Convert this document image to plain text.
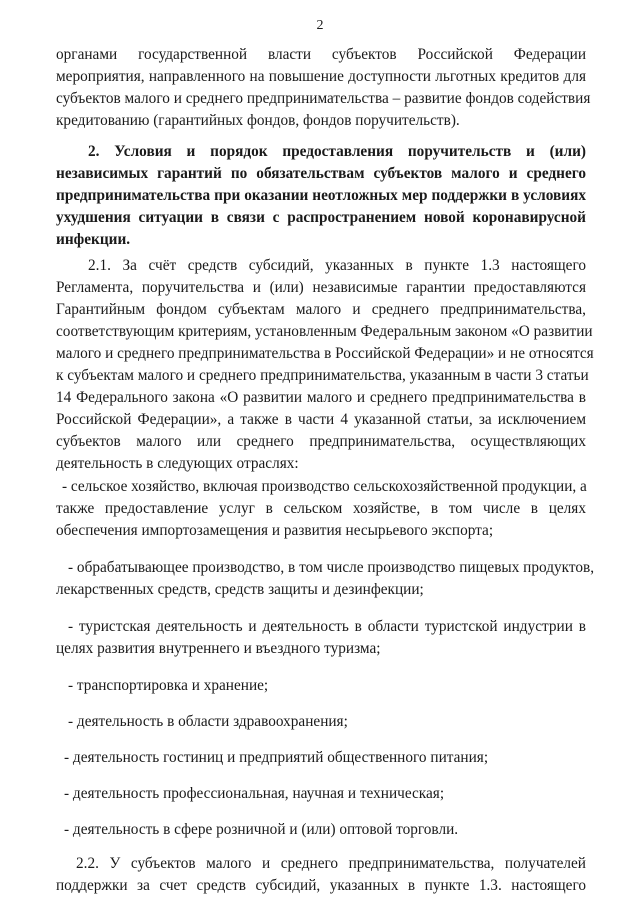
2
органами государственной власти субъектов Российской Федерации
мероприятия, направленного на повышение доступности льготных кредитов для
субъектов малого и среднего предпринимательства – развитие фондов содействия
кредитованию (гарантийных фондов, фондов поручительств).
2. Условия и порядок предоставления поручительств и (или)
независимых гарантий по обязательствам субъектов малого и среднего
предпринимательства при оказании неотложных мер поддержки в условиях
ухудшения ситуации в связи с распространением новой коронавирусной
инфекции.
2.1. За счёт средств субсидий, указанных в пункте 1.3 настоящего
Регламента, поручительства и (или) независимые гарантии предоставляются
Гарантийным фондом субъектам малого и среднего предпринимательства,
соответствующим критериям, установленным Федеральным законом «О развитии
малого и среднего предпринимательства в Российской Федерации» и не относятся
к субъектам малого и среднего предпринимательства, указанным в части 3 статьи
14 Федерального закона «О развитии малого и среднего предпринимательства в
Российской Федерации», а также в части 4 указанной статьи, за исключением
субъектов малого или среднего предпринимательства, осуществляющих
деятельность в следующих отраслях:
- сельское хозяйство, включая производство сельскохозяйственной продукции, а
также предоставление услуг в сельском хозяйстве, в том числе в целях
обеспечения импортозамещения и развития несырьевого экспорта;
- обрабатывающее производство, в том числе производство пищевых продуктов,
лекарственных средств, средств защиты и дезинфекции;
- туристская деятельность и деятельность в области туристской индустрии в
целях развития внутреннего и въездного туризма;
- транспортировка и хранение;
- деятельность в области здравоохранения;
- деятельность гостиниц и предприятий общественного питания;
- деятельность профессиональная, научная и техническая;
- деятельность в сфере розничной и (или) оптовой торговли.
2.2. У субъектов малого и среднего предпринимательства, получателей
поддержки за счет средств субсидий, указанных в пункте 1.3. настоящего
